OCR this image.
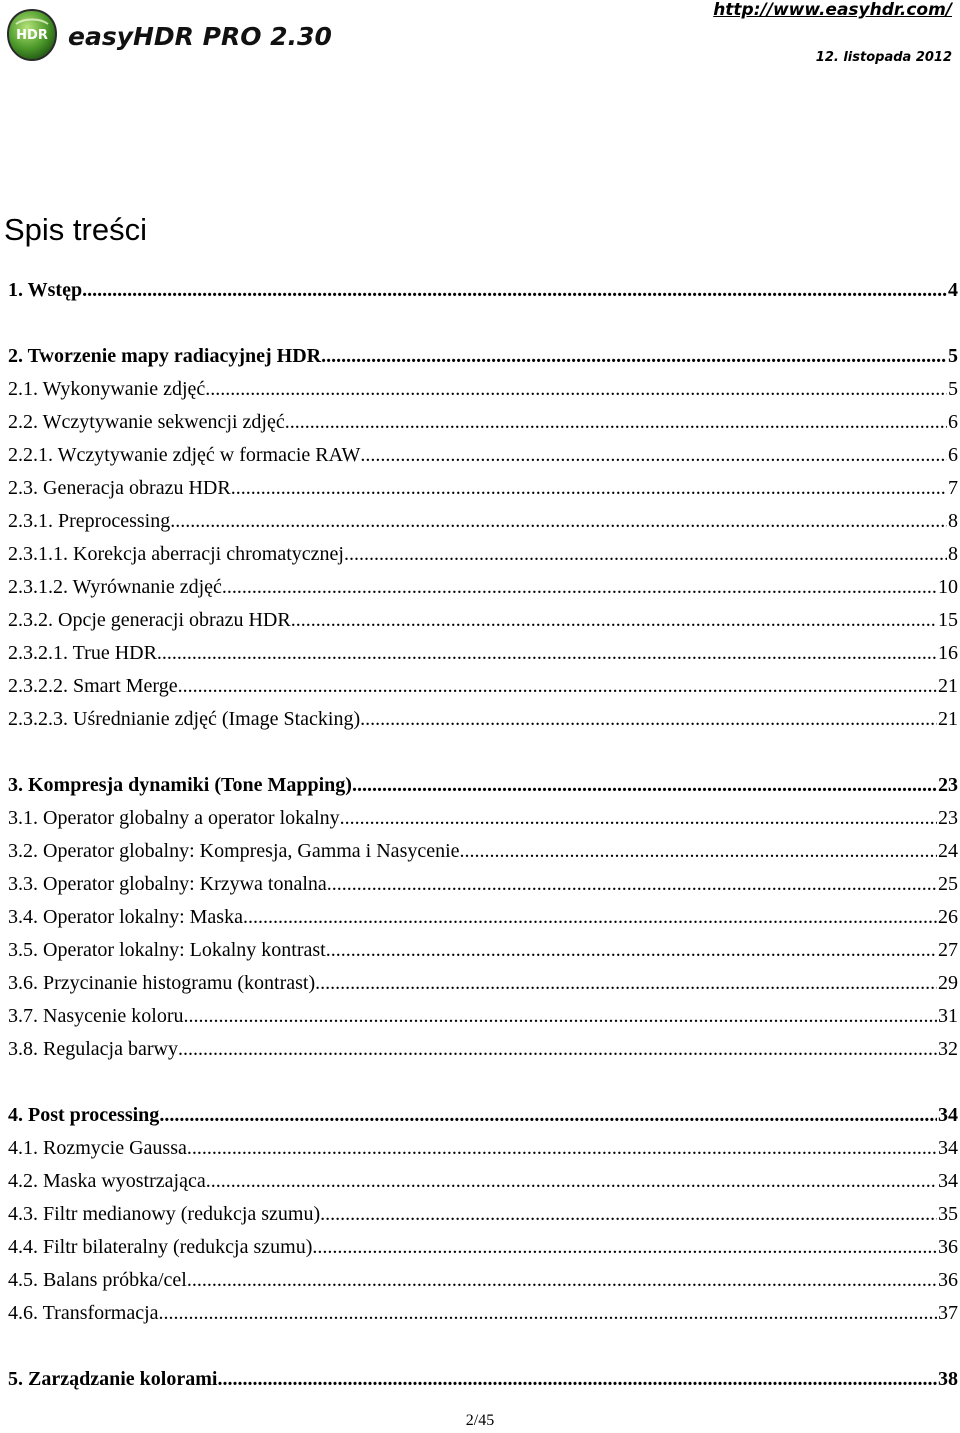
HDR easyHDR PRO 2.30
http://www.easyhdr.com/
12. listopada 2012
Spis treści
1. Wstęp .....	4
2. Tworzenie mapy radiacyjnej HDR .....	5
2.1. Wykonywanie zdjęć .....	5
2.2. Wczytywanie sekwencji zdjęć .....	6
2.2.1. Wczytywanie zdjęć w formacie RAW .....	6
2.3. Generacja obrazu HDR .....	7
2.3.1. Preprocessing .....	8
2.3.1.1. Korekcja aberracji chromatycznej .....	8
2.3.1.2. Wyrównanie zdjęć .....	10
2.3.2. Opcje generacji obrazu HDR .....	15
2.3.2.1. True HDR .....	16
2.3.2.2. Smart Merge .....	21
2.3.2.3. Uśrednianie zdjęć (Image Stacking) .....	21
3. Kompresja dynamiki (Tone Mapping) .....	23
3.1. Operator globalny a operator lokalny .....	23
3.2. Operator globalny: Kompresja, Gamma i Nasycenie .....	24
3.3. Operator globalny: Krzywa tonalna .....	25
3.4. Operator lokalny: Maska .....	26
3.5. Operator lokalny: Lokalny kontrast .....	27
3.6. Przycinanie histogramu (kontrast) .....	29
3.7. Nasycenie koloru .....	31
3.8. Regulacja barwy .....	32
4. Post processing .....	34
4.1. Rozmycie Gaussa .....	34
4.2. Maska wyostrzająca .....	34
4.3. Filtr medianowy (redukcja szumu) .....	35
4.4. Filtr bilateralny (redukcja szumu) .....	36
4.5. Balans próbka/cel .....	36
4.6. Transformacja .....	37
5. Zarządzanie kolorami .....	38
2/45
